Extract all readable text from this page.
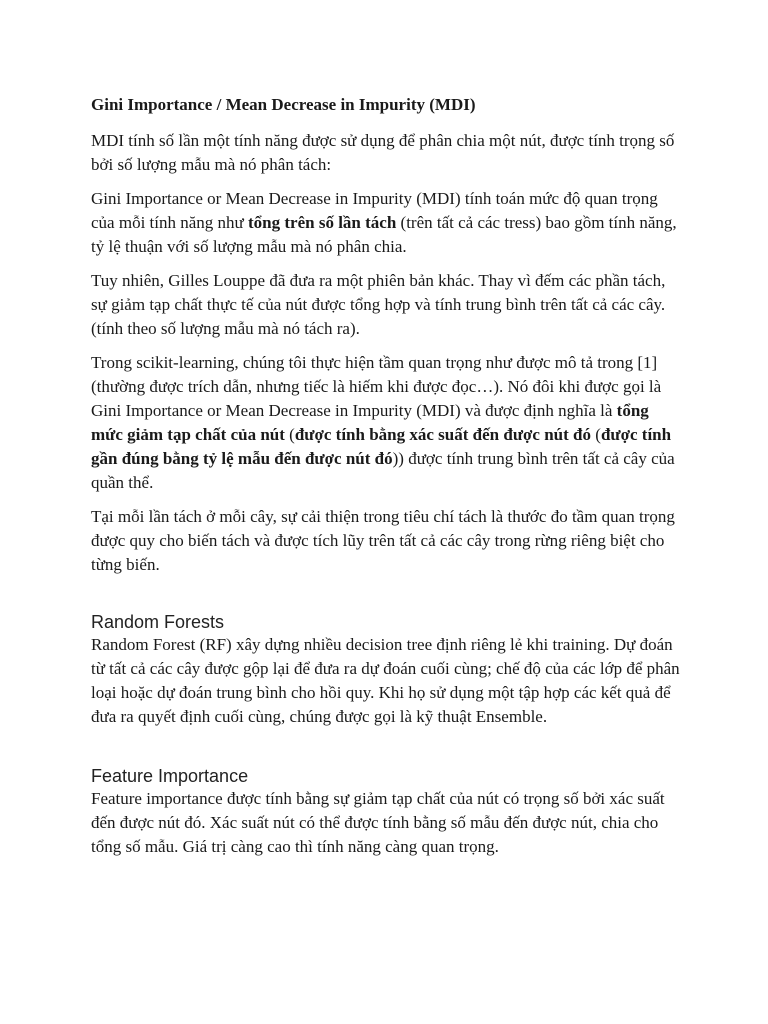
Gini Importance / Mean Decrease in Impurity (MDI)

MDI tính số lần một tính năng được sử dụng để phân chia một nút, được tính trọng số bởi số lượng mẫu mà nó phân tách:

Gini Importance or Mean Decrease in Impurity (MDI) tính toán mức độ quan trọng của mỗi tính năng như tổng trên số lần tách (trên tất cả các tress) bao gồm tính năng, tỷ lệ thuận với số lượng mẫu mà nó phân chia.

Tuy nhiên, Gilles Louppe đã đưa ra một phiên bản khác. Thay vì đếm các phần tách, sự giảm tạp chất thực tế của nút được tổng hợp và tính trung bình trên tất cả các cây. (tính theo số lượng mẫu mà nó tách ra).

Trong scikit-learning, chúng tôi thực hiện tầm quan trọng như được mô tả trong [1] (thường được trích dẫn, nhưng tiếc là hiếm khi được đọc…). Nó đôi khi được gọi là Gini Importance or Mean Decrease in Impurity (MDI) và được định nghĩa là tổng mức giảm tạp chất của nút (được tính bằng xác suất đến được nút đó (được tính gần đúng bằng tỷ lệ mẫu đến được nút đó)) được tính trung bình trên tất cả cây của quần thể.

Tại mỗi lần tách ở mỗi cây, sự cải thiện trong tiêu chí tách là thước đo tầm quan trọng được quy cho biến tách và được tích lũy trên tất cả các cây trong rừng riêng biệt cho từng biến.

Random Forests

Random Forest (RF) xây dựng nhiều decision tree định riêng lẻ khi training. Dự đoán từ tất cả các cây được gộp lại để đưa ra dự đoán cuối cùng; chế độ của các lớp để phân loại hoặc dự đoán trung bình cho hồi quy. Khi họ sử dụng một tập hợp các kết quả để đưa ra quyết định cuối cùng, chúng được gọi là kỹ thuật Ensemble.

Feature Importance

Feature importance được tính bằng sự giảm tạp chất của nút có trọng số bởi xác suất đến được nút đó. Xác suất nút có thể được tính bằng số mẫu đến được nút, chia cho tổng số mẫu. Giá trị càng cao thì tính năng càng quan trọng.
